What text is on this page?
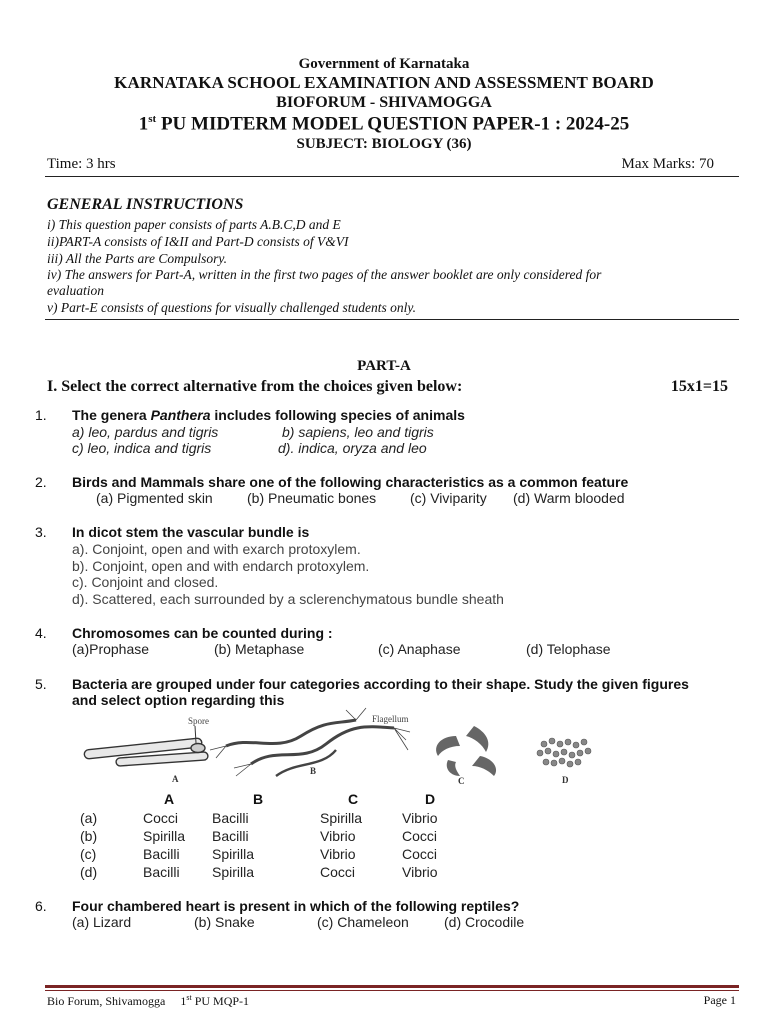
Government of Karnataka
KARNATAKA SCHOOL EXAMINATION AND ASSESSMENT BOARD
BIOFORUM - SHIVAMOGGA
1st PU MIDTERM MODEL QUESTION PAPER-1 : 2024-25
SUBJECT: BIOLOGY (36)
Time: 3 hrs	Max Marks: 70
GENERAL INSTRUCTIONS
i) This question paper consists of parts A.B.C,D and E
ii)PART-A consists of I&II and Part-D consists of V&VI
iii) All the Parts are Compulsory.
iv) The answers for Part-A, written in the first two pages of the answer booklet are only considered for
evaluation
v) Part-E consists of questions for visually challenged students only.
PART-A
I. Select the correct alternative from the choices given below:	15x1=15
1.	The genera Panthera includes following species of animals
a) leo, pardus and tigris	b) sapiens, leo and tigris
c) leo, indica and tigris	d). indica, oryza and leo
2.	Birds and Mammals share one of the following characteristics as a common feature
(a) Pigmented skin (b) Pneumatic bones (c) Viviparity (d) Warm blooded
3.	In dicot stem the vascular bundle is
a). Conjoint, open and with exarch protoxylem.
b). Conjoint, open and with endarch protoxylem.
c). Conjoint and closed.
d). Scattered, each surrounded by a sclerenchymatous bundle sheath
4.	Chromosomes can be counted during :
(a)Prophase	(b) Metaphase	(c) Anaphase	(d) Telophase
5.	Bacteria are grouped under four categories according to their shape. Study the given figures
and select option regarding this
Spore
A
Flagellum
B
C	D
A	B	C	D
(a)	Cocci Bacilli	Spirilla	Vibrio
(b)	Spirilla Bacilli	Vibrio	Cocci
(c)	Bacilli Spirilla	Vibrio	Cocci
(d)	Bacilli Spirilla	Cocci	Vibrio
6.	Four chambered heart is present in which of the following reptiles?
(a) Lizard	(b) Snake	(c) Chameleon	(d) Crocodile
Bio Forum, Shivamogga     1st PU MQP-1	Page 1
